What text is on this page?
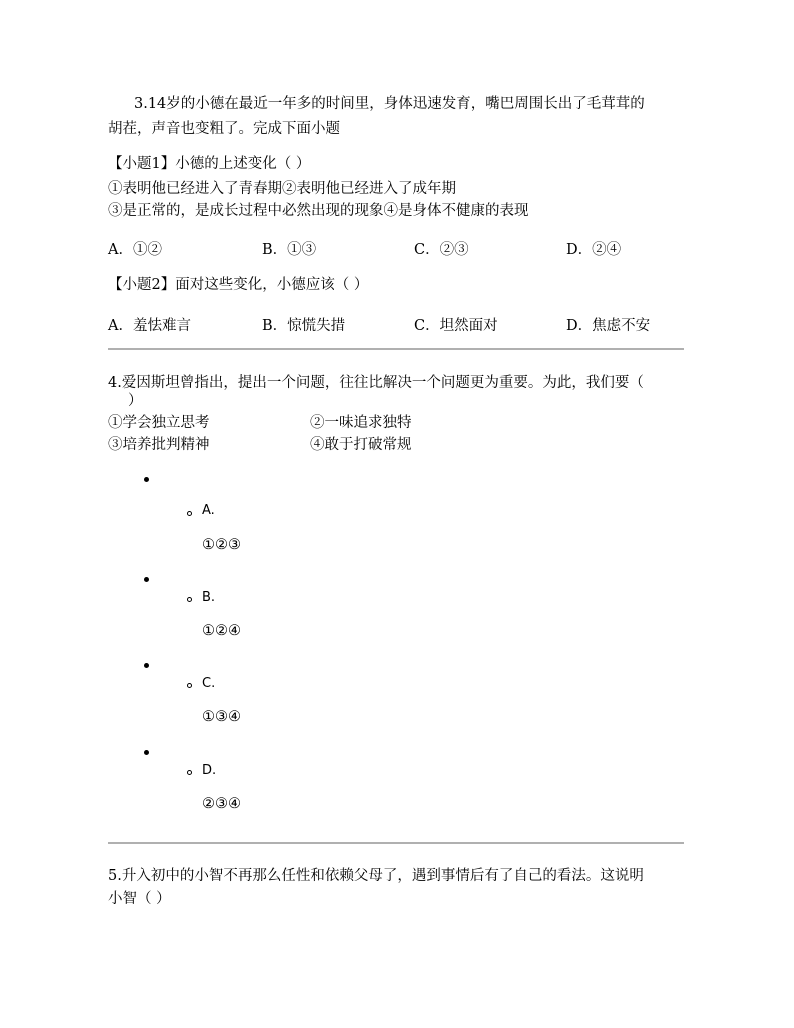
3.14岁的小德在最近一年多的时间里，身体迅速发育，嘴巴周围长出了毛茸茸的
胡茬，声音也变粗了。完成下面小题
【小题1】小德的上述变化（ ）
①表明他已经进入了青春期②表明他已经进入了成年期
③是正常的，是成长过程中必然出现的现象④是身体不健康的表现
A．①②	B．①③	C．②③	D．②④
【小题2】面对这些变化，小德应该（ ）
A．羞怯难言	B．惊慌失措	C．坦然面对	D．焦虑不安
4.爱因斯坦曾指出，提出一个问题，往往比解决一个问题更为重要。为此，我们要（
）
①学会独立思考	②一味追求独特
③培养批判精神	④敢于打破常规
A.
①②③
B.
①②④
C.
①③④
D.
②③④
5.升入初中的小智不再那么任性和依赖父母了，遇到事情后有了自己的看法。这说明
小智（ ）
